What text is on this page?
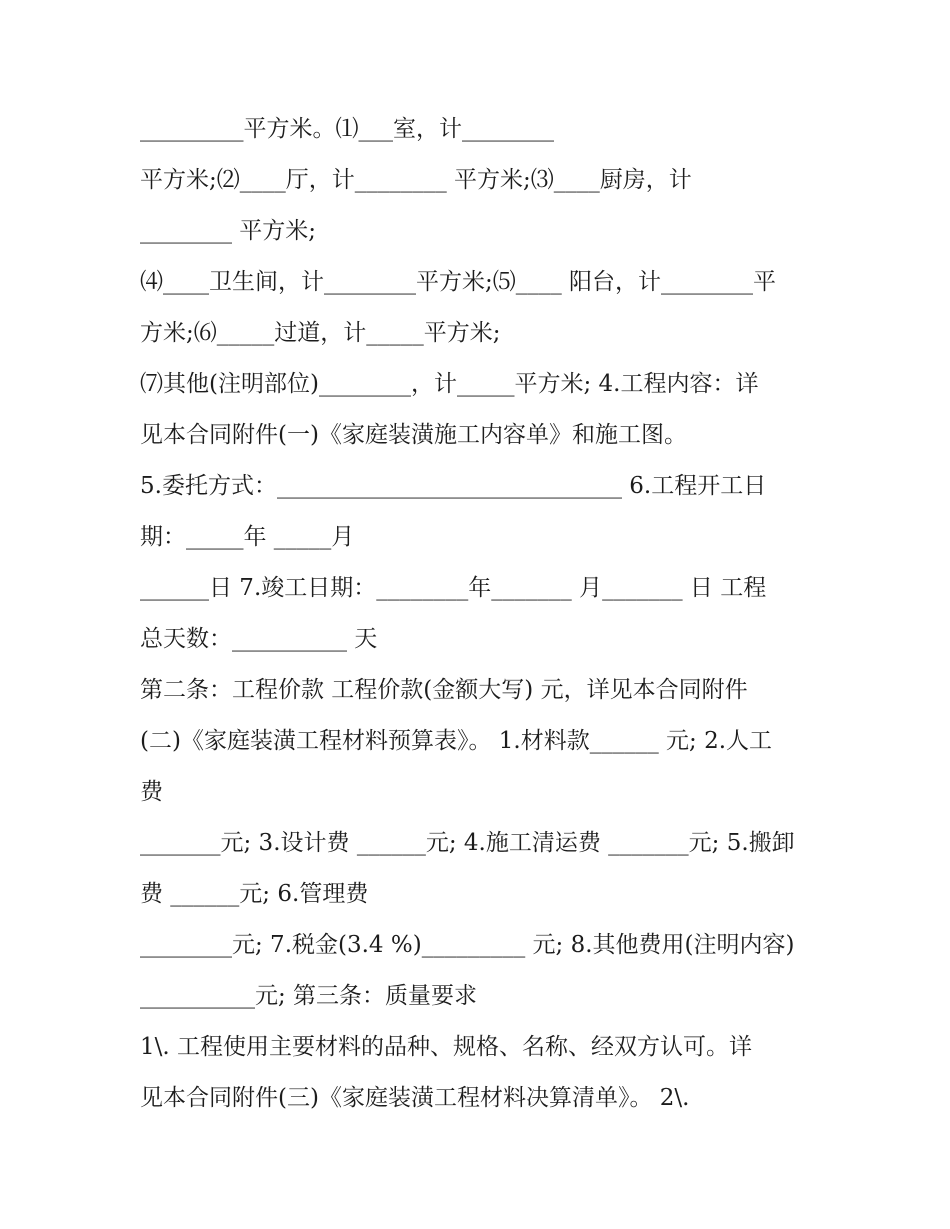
_________平方米。⑴___室，计________
平方米;⑵____厅，计________ 平方米;⑶____厨房，计
________ 平方米;
⑷____卫生间，计________平方米;⑸____ 阳台，计________平
方米;⑹_____过道，计_____平方米;
⑺其他(注明部位)________，计_____平方米; 4.工程内容：详
见本合同附件(一)《家庭装潢施工内容单》和施工图。
5.委托方式：______________________________ 6.工程开工日
期：_____年 _____月
______日 7.竣工日期：________年_______ 月_______ 日 工程
总天数：__________ 天
第二条：工程价款 工程价款(金额大写) 元，详见本合同附件
(二)《家庭装潢工程材料预算表》。 1.材料款______ 元; 2.人工
费
_______元; 3.设计费 ______元; 4.施工清运费 _______元; 5.搬卸
费 ______元; 6.管理费
________元; 7.税金(3.4 %)_________ 元; 8.其他费用(注明内容)
__________元; 第三条：质量要求
1\. 工程使用主要材料的品种、规格、名称、经双方认可。详
见本合同附件(三)《家庭装潢工程材料决算清单》。 2\.
